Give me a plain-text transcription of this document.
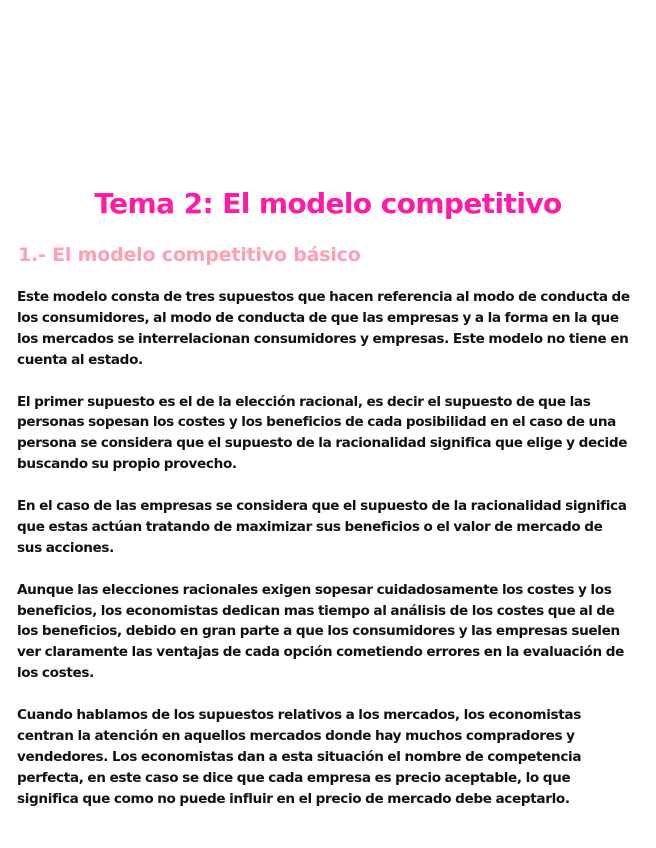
Tema 2: El modelo competitivo
1.- El modelo competitivo básico

Este modelo consta de tres supuestos que hacen referencia al modo de conducta de los consumidores, al modo de conducta de que las empresas y a la forma en la que los mercados se interrelacionan consumidores y empresas. Este modelo no tiene en cuenta al estado.

El primer supuesto es el de la elección racional, es decir el supuesto de que las personas sopesan los costes y los beneficios de cada posibilidad en el caso de una persona se considera que el supuesto de la racionalidad significa que elige y decide buscando su propio provecho.

En el caso de las empresas se considera que el supuesto de la racionalidad significa que estas actúan tratando de maximizar sus beneficios o el valor de mercado de sus acciones.

Aunque las elecciones racionales exigen sopesar cuidadosamente los costes y los beneficios, los economistas dedican mas tiempo al análisis de los costes que al de los beneficios, debido en gran parte a que los consumidores y las empresas suelen ver claramente las ventajas de cada opción cometiendo errores en la evaluación de los costes.

Cuando hablamos de los supuestos relativos a los mercados, los economistas centran la atención en aquellos mercados donde hay muchos compradores y vendedores. Los economistas dan a esta situación el nombre de competencia perfecta, en este caso se dice que cada empresa es precio aceptable, lo que significa que como no puede influir en el precio de mercado debe aceptarlo.
